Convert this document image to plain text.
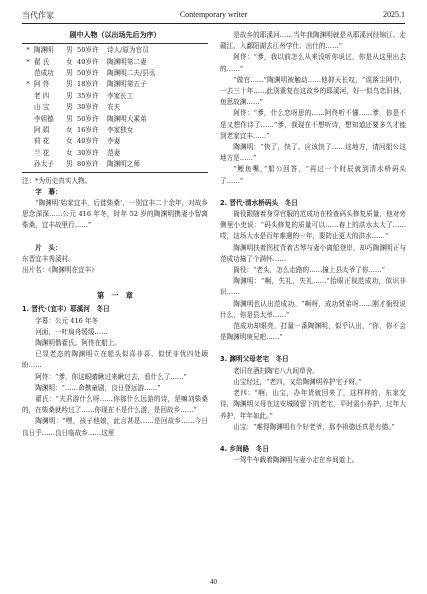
当代作家	Contemporary writer	2025.1
剧中人物（以出场先后为序）
* 陶渊明	男 50岁许	诗人/原为官员
* 翟 氏	女 40岁许	陶渊明第二妻
范成功	男 50岁许	陶渊明二夫/县丞
* 阿 佟	男 18岁许	陶渊明第五子
老 四	男 35岁许	李家长工
山 宝	男 30岁许	农夫
李姐德	男 50岁许	陶渊明大乘弟
阿 娟	女 16岁许	李家独女
荷 花	女 40岁许	李妻
兰 花	女 30岁许	范妻
孙太子	男 80岁许	陶渊明之师

注：*为历史真实人物。

字　幕：

“陶渊明‘始家宜丰，后徙柴桑’，一别宜丰二十余年，对故乡思念深深……公元 416 年冬，时年 52 岁的陶渊明携妻小智离柴桑，宜丰故里行……”

片　头：

东晋宜丰秀溪村。

出片名：《陶渊明在宜丰》

第　一　章

1. 晋代·（宜丰）耶溪河　冬日

字幕：公元 416 年冬

河面，一叶扁舟缓缓……

陶渊明偕翟氏、阿佟在船上。

已显老态的陶渊明立在船头似喜非喜、似忧非忧四处顾盼……

阿佟：“爹，你这眼睛瞅过来瞅过去，看什么了……”

陶渊明：“……命携童剧，良日登远游……”

翟氏：“夫君游什么呀……你那什么远游的诗，是嘛刘柴桑的，在柴桑就吟过了……你现在不是什么游，是回故乡……”

陶渊明：“嘿，孩子他娘，此言甚是……是回故乡……今日良日乎……良日临故乡……这里

是故乡的耶溪河……当年我陶渊明就是从耶溪河经锦江、走赣江、入鄱阳湖去江州学仕、出仕的……”

阿佟：“爹，我以前怎么从来没听你说过，你是从这里出去的……”

“做官……”陶渊明被触动……他抑天长叹，“误落尘网中，一去三十年……此别重复在这故乡的耶溪河，好一似鸟恋旧林，鱼思故渊……”

阿佟：“爹，什么恋呀思的……阿佟听不懂……爹，你是不是又想作诗了……”爹，我现在不想听诗，想知道还要多久才能到老家宜丰……”

陶渊明：“快了，快了。应该快了……这地方，请问船公这地方是……”

“鲤鱼嘴，”船公回答，“再过一个时辰就到清水桥码头了……”

2. 晋代·清水桥码头　冬日

衙役跟随着身穿官服的范成功在检查码头修复质量，他对旁侧里小吏说：“码头修复的质量可以……春上的洪水太大了……哎，这场大水是百年难遇的一年，要防止更大的洪水……”

陶渊明扶着拐杖背着古琴与妻小离船登岸，却巧陶渊明正与范成功撞了个满怀……

衙役：“老头，怎么走路的……撞上县太爷了你……”

陶渊明：“啊，失礼，失礼……”抬眼正视范成功，似识非识……

陶渊明也认出范成功。“啊呀，成功贤弟呀……刚才衙役说什么，你是县太爷……”

范成功却眼亮，打量一番陶渊明，似乎认出，“你，你不会是陶渊明庚兄吧……”

3. 渊明父母老宅　冬日

老旧在酒扫陶宅八九间草舍。

山宝经过，“老四，又给陶渊明养护宅子呀。”

老四：“啊，山宝，办年货就回来了，这样样的，东家交待，陶渊明父母在这安城陵留下的老宅，平时需小养护，过年大养护，年年如此。”

山宝：“难得陶渊明有个好老爷，那李祖德还真是有德。”

4. 乡间路　冬日

一驾牛车载着陶渊明与妻小走在乡间道上。

40
